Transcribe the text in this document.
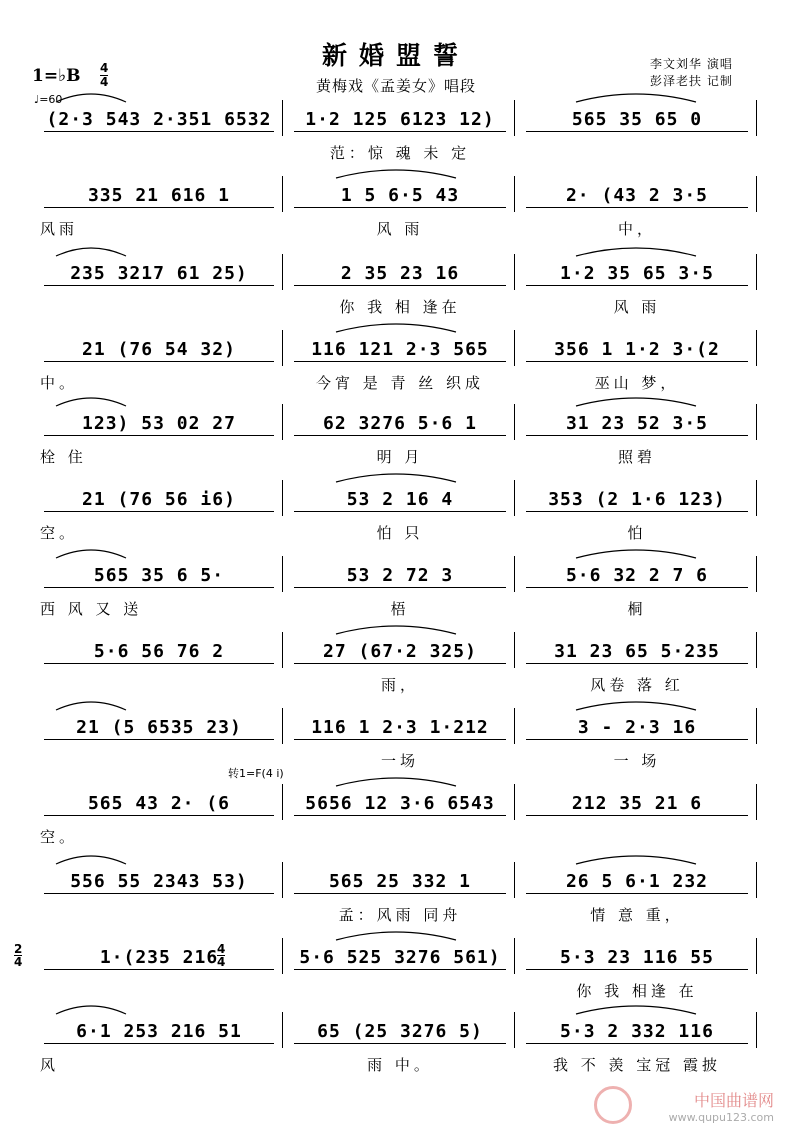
新婚盟誓
黄梅戏《孟姜女》唱段
1=♭B 4
4
♩=60
李文刘华 演唱
彭泽老扶 记制
转1=F(4 i)
(2·3 543 2·351 6532	1·2 125 6123 12)	565 35 65 0
范：惊 魂 未 定
335 21 616 1	1 5 6·5 43	2· (43 2 3·5
风雨	风 雨	中，
235 3217 61 25)	2 35 23 16	1·2 35 65 3·5
你 我 相 逢在	风 雨
21 (76 54 32)	116 121 2·3 565	356 1 1·2 3·(2
中。	今宵 是 青 丝 织成	巫山 梦，
123) 53 02 27	62 3276 5·6 1	31 23 52 3·5
栓 住	明 月	照碧
21 (76 56 i6)	53 2 16 4	353 (2 1·6 123)
空。	怕 只	怕
565 35 6 5·	53 2 72 3	5·6 32 2 7 6
西 风 又 送	梧	桐
5·6 56 76 2	27 (67·2 325)	31 23 65 5·235
雨，	风卷 落 红
21 (5 6535 23)	116 1 2·3 1·212	3 - 2·3 16
一场	一 场
565 43 2· (6	5656 12 3·6 6543	212 35 21 6
空。
556 55 2343 53)	565 25 332 1	26 5 6·1 232
孟：风雨 同舟	情 意 重，
1·(235 216	5·6 525 3276 561)	5·3 23 116 55
你 我 相逢 在
6·1 253 216 51	65 (25 3276 5)	5·3 2 332 116
风	雨 中。	我 不 羡 宝冠 霞披
2
4
4
4
中国曲谱网
www.qupu123.com
